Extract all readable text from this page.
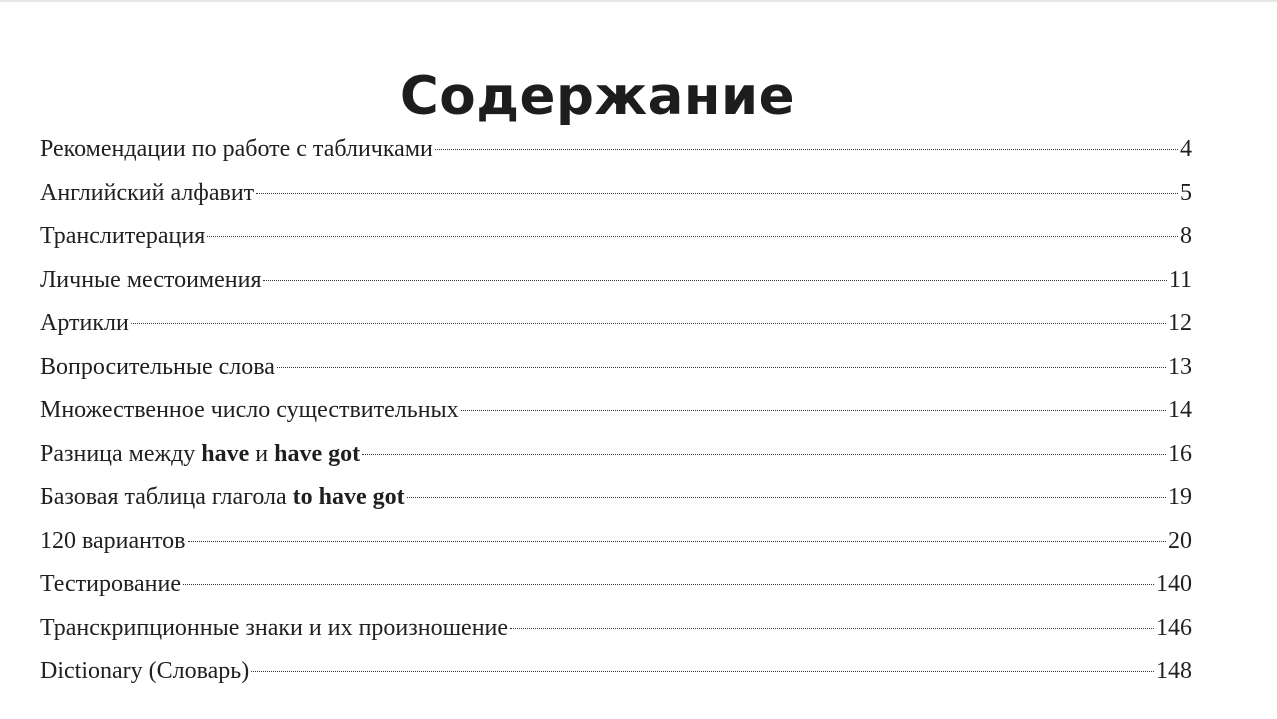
Содержание
Рекомендации по работе с табличками	4
Английский алфавит	5
Транслитерация	8
Личные местоимения	11
Артикли	12
Вопросительные слова	13
Множественное число существительных	14
Разница между have и have got	16
Базовая таблица глагола to have got	19
120 вариантов	20
Тестирование	140
Транскрипционные знаки и их произношение	146
Dictionary (Словарь)	148
